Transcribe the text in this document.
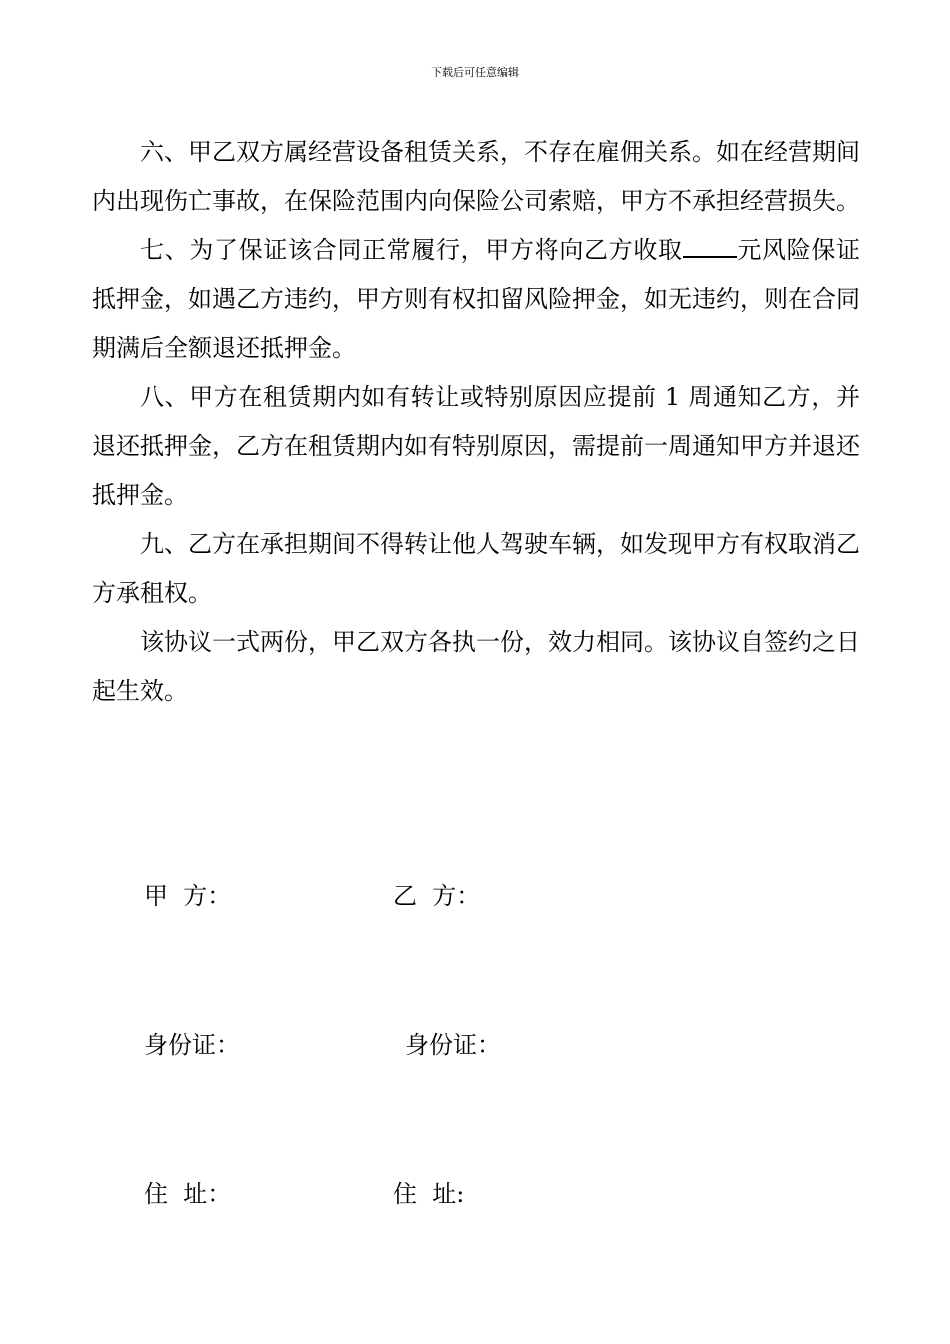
下载后可任意编辑

六、甲乙双方属经营设备租赁关系，不存在雇佣关系。如在经营期间内出现伤亡事故，在保险范围内向保险公司索赔，甲方不承担经营损失。

七、为了保证该合同正常履行，甲方将向乙方收取 元风险保证抵押金，如遇乙方违约，甲方则有权扣留风险押金，如无违约，则在合同期满后全额退还抵押金。

八、甲方在租赁期内如有转让或特别原因应提前 1 周通知乙方，并退还抵押金，乙方在租赁期内如有特别原因，需提前一周通知甲方并退还抵押金。

九、乙方在承担期间不得转让他人驾驶车辆，如发现甲方有权取消乙方承租权。

该协议一式两份，甲乙双方各执一份，效力相同。该协议自签约之日起生效。

甲  方：	乙  方：
身份证：	身份证：
住  址：	住  址:
